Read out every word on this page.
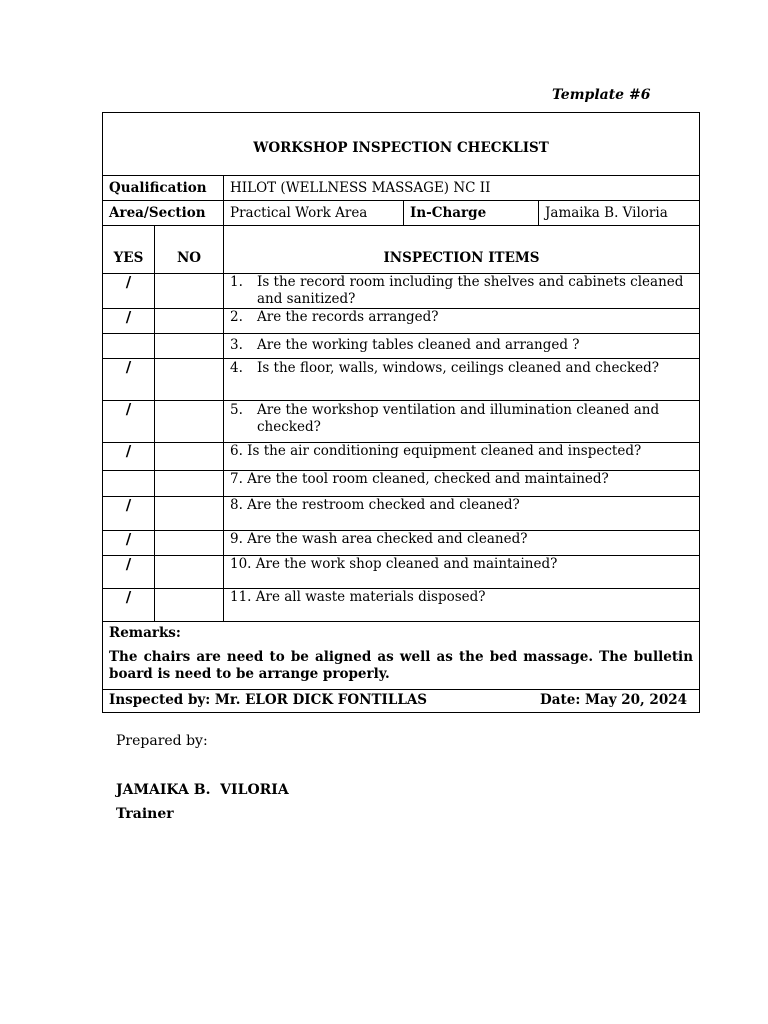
Template #6
WORKSHOP INSPECTION CHECKLIST				
Qualification		HILOT (WELLNESS MASSAGE) NC II		
Area/Section		Practical Work Area	In-Charge	Jamaika B. Viloria
YES	NO	INSPECTION ITEMS		
/		1. Is the record room including the shelves and cabinets cleaned and sanitized?		

/		2. Are the records arranged?		

		3. Are the working tables cleaned and arranged ?		

/		4. Is the floor, walls, windows, ceilings cleaned and checked?		

/		5. Are the workshop ventilation and illumination cleaned and checked?		

/		6. Is the air conditioning equipment cleaned and inspected?		
		7. Are the tool room cleaned, checked and maintained?		
/		8. Are the restroom checked and cleaned?		
/		9. Are the wash area checked and cleaned?		
/		10. Are the work shop cleaned and maintained?		
/		11. Are all waste materials disposed?		

Remarks:
The chairs are need to be aligned as well as the bed massage. The bulletin board is need to be arrange properly.				

Inspected by: Mr. ELOR DICK FONTILLAS Date: May 20, 2024				
Prepared by:
JAMAIKA B.  VILORIA
Trainer
